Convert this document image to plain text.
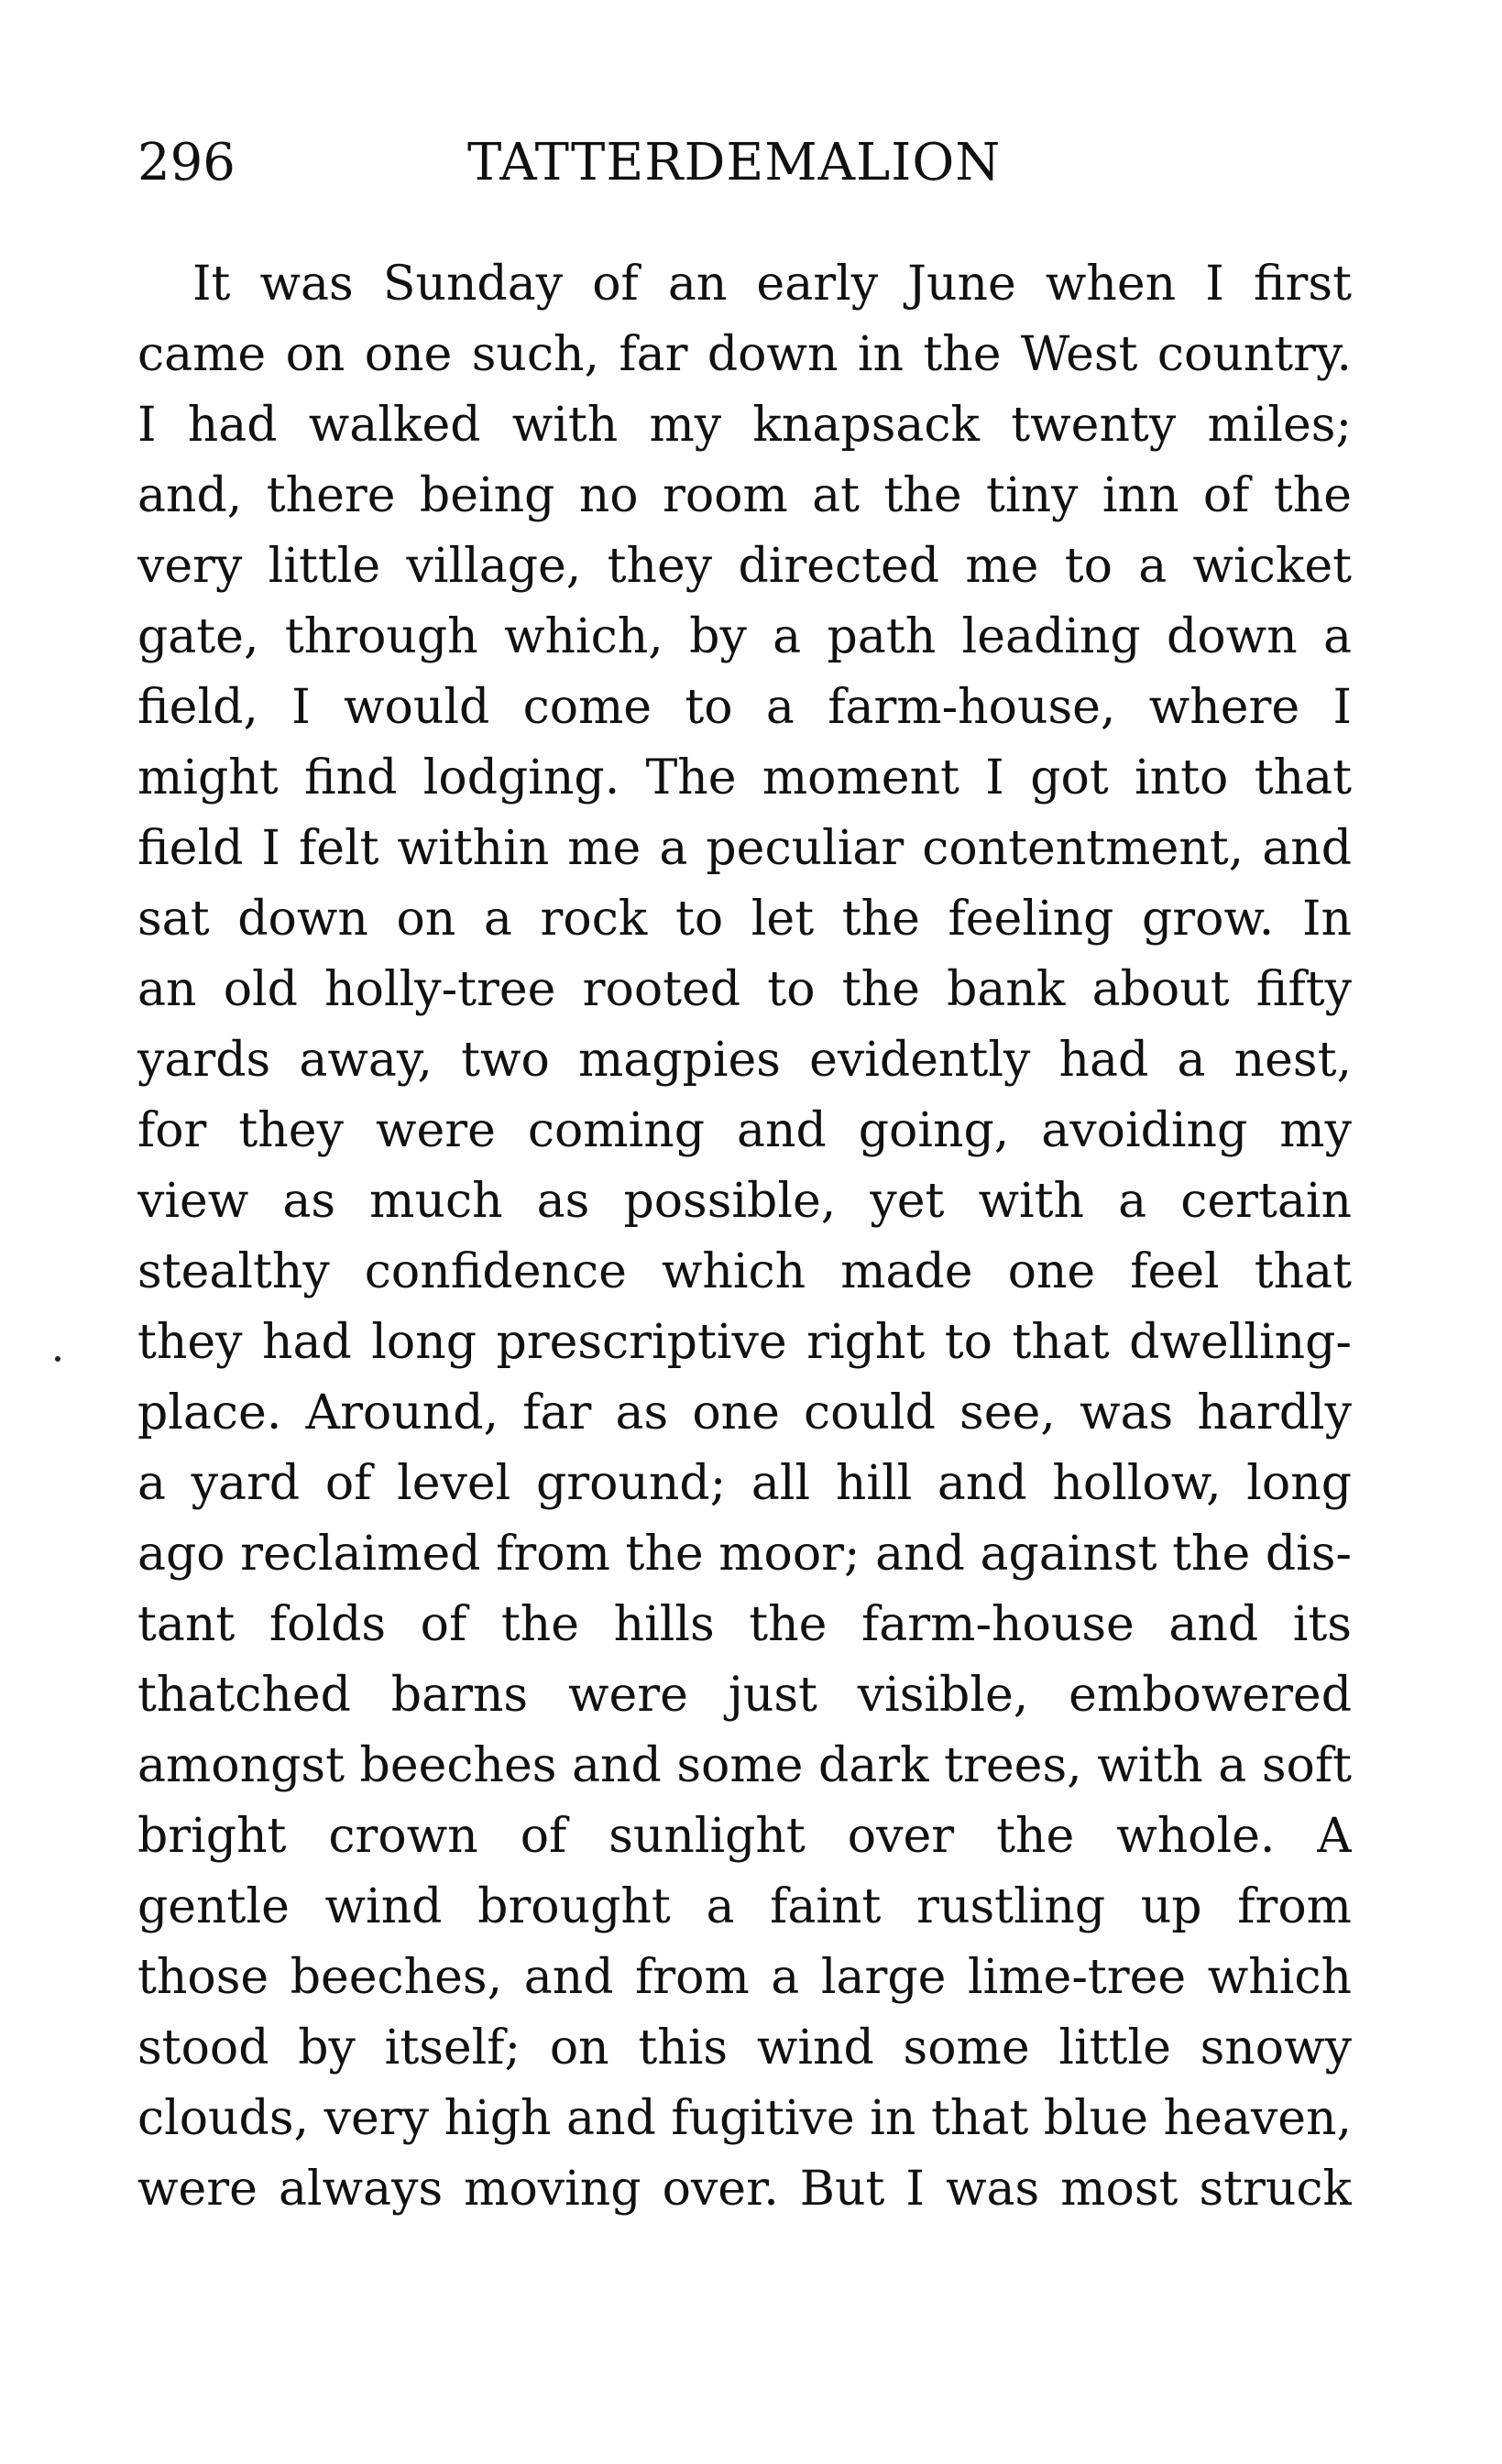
296	TATTERDEMALION
It was Sunday of an early June when I first
came on one such, far down in the West country.
I had walked with my knapsack twenty miles;
and, there being no room at the tiny inn of the
very little village, they directed me to a wicket
gate, through which, by a path leading down a
field, I would come to a farm-house, where I
might find lodging. The moment I got into that
field I felt within me a peculiar contentment, and
sat down on a rock to let the feeling grow. In
an old holly-tree rooted to the bank about fifty
yards away, two magpies evidently had a nest,
for they were coming and going, avoiding my
view as much as possible, yet with a certain
stealthy confidence which made one feel that
they had long prescriptive right to that dwelling-
place. Around, far as one could see, was hardly
a yard of level ground; all hill and hollow, long
ago reclaimed from the moor; and against the dis-
tant folds of the hills the farm-house and its
thatched barns were just visible, embowered
amongst beeches and some dark trees, with a soft
bright crown of sunlight over the whole. A
gentle wind brought a faint rustling up from
those beeches, and from a large lime-tree which
stood by itself; on this wind some little snowy
clouds, very high and fugitive in that blue heaven,
were always moving over. But I was most struck
